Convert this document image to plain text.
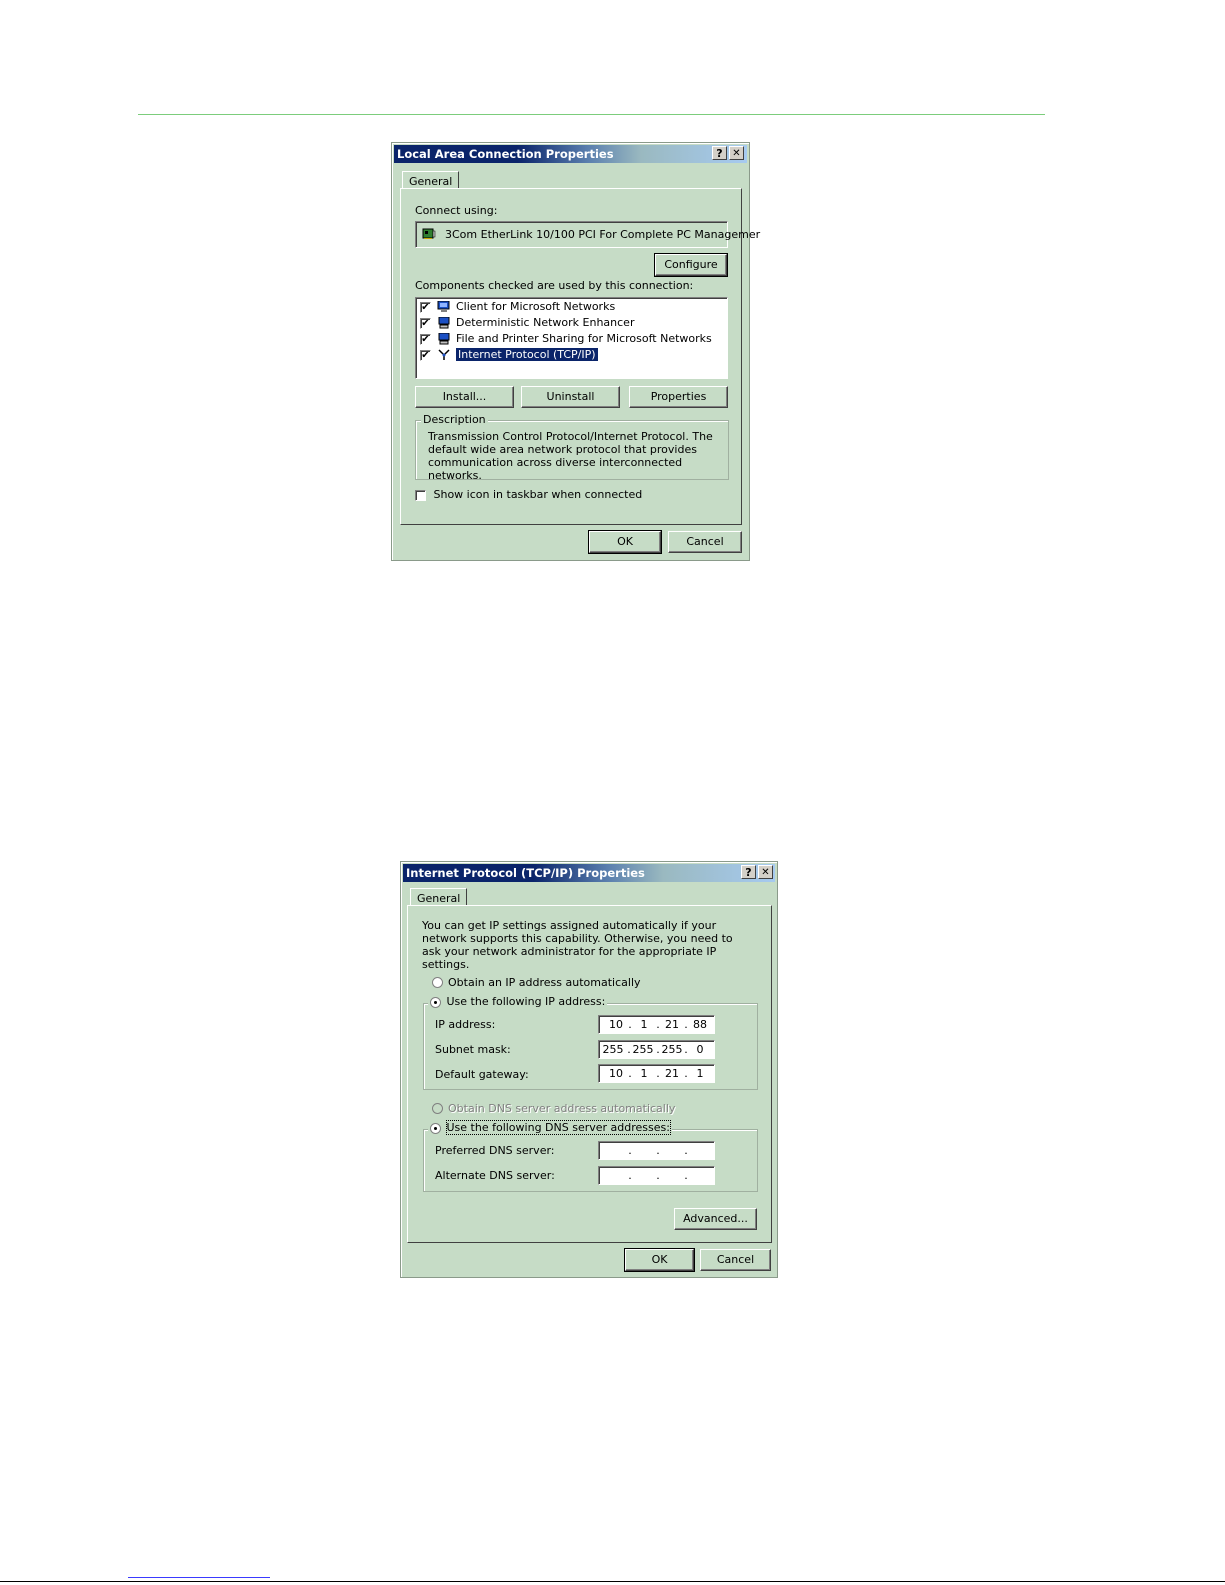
Local Area Connection Properties	? ✕
General
Connect using:
3Com EtherLink 10/100 PCI For Complete PC Managemer
Configure
Components checked are used by this connection:
✔ Client for Microsoft Networks
✔ Deterministic Network Enhancer
✔ File and Printer Sharing for Microsoft Networks
✔	Internet Protocol (TCP/IP)
Install...	Uninstall	Properties
Description
Transmission Control Protocol/Internet Protocol. The default wide area network protocol that provides communication across diverse interconnected networks.
Show icon in taskbar when connected
OK	Cancel
Internet Protocol (TCP/IP) Properties	? ✕
General
You can get IP settings assigned automatically if your network supports this capability. Otherwise, you need to ask your network administrator for the appropriate IP settings.
Obtain an IP address automatically
Use the following IP address:
IP address:	10 . 1 . 21 . 88
Subnet mask:	255 . 255 . 255 . 0
Default gateway:	10 . 1 . 21 . 1
Obtain DNS server address automatically
Use the following DNS server addresses:
Preferred DNS server:	. . .
Alternate DNS server:	. . .
Advanced...
OK	Cancel
